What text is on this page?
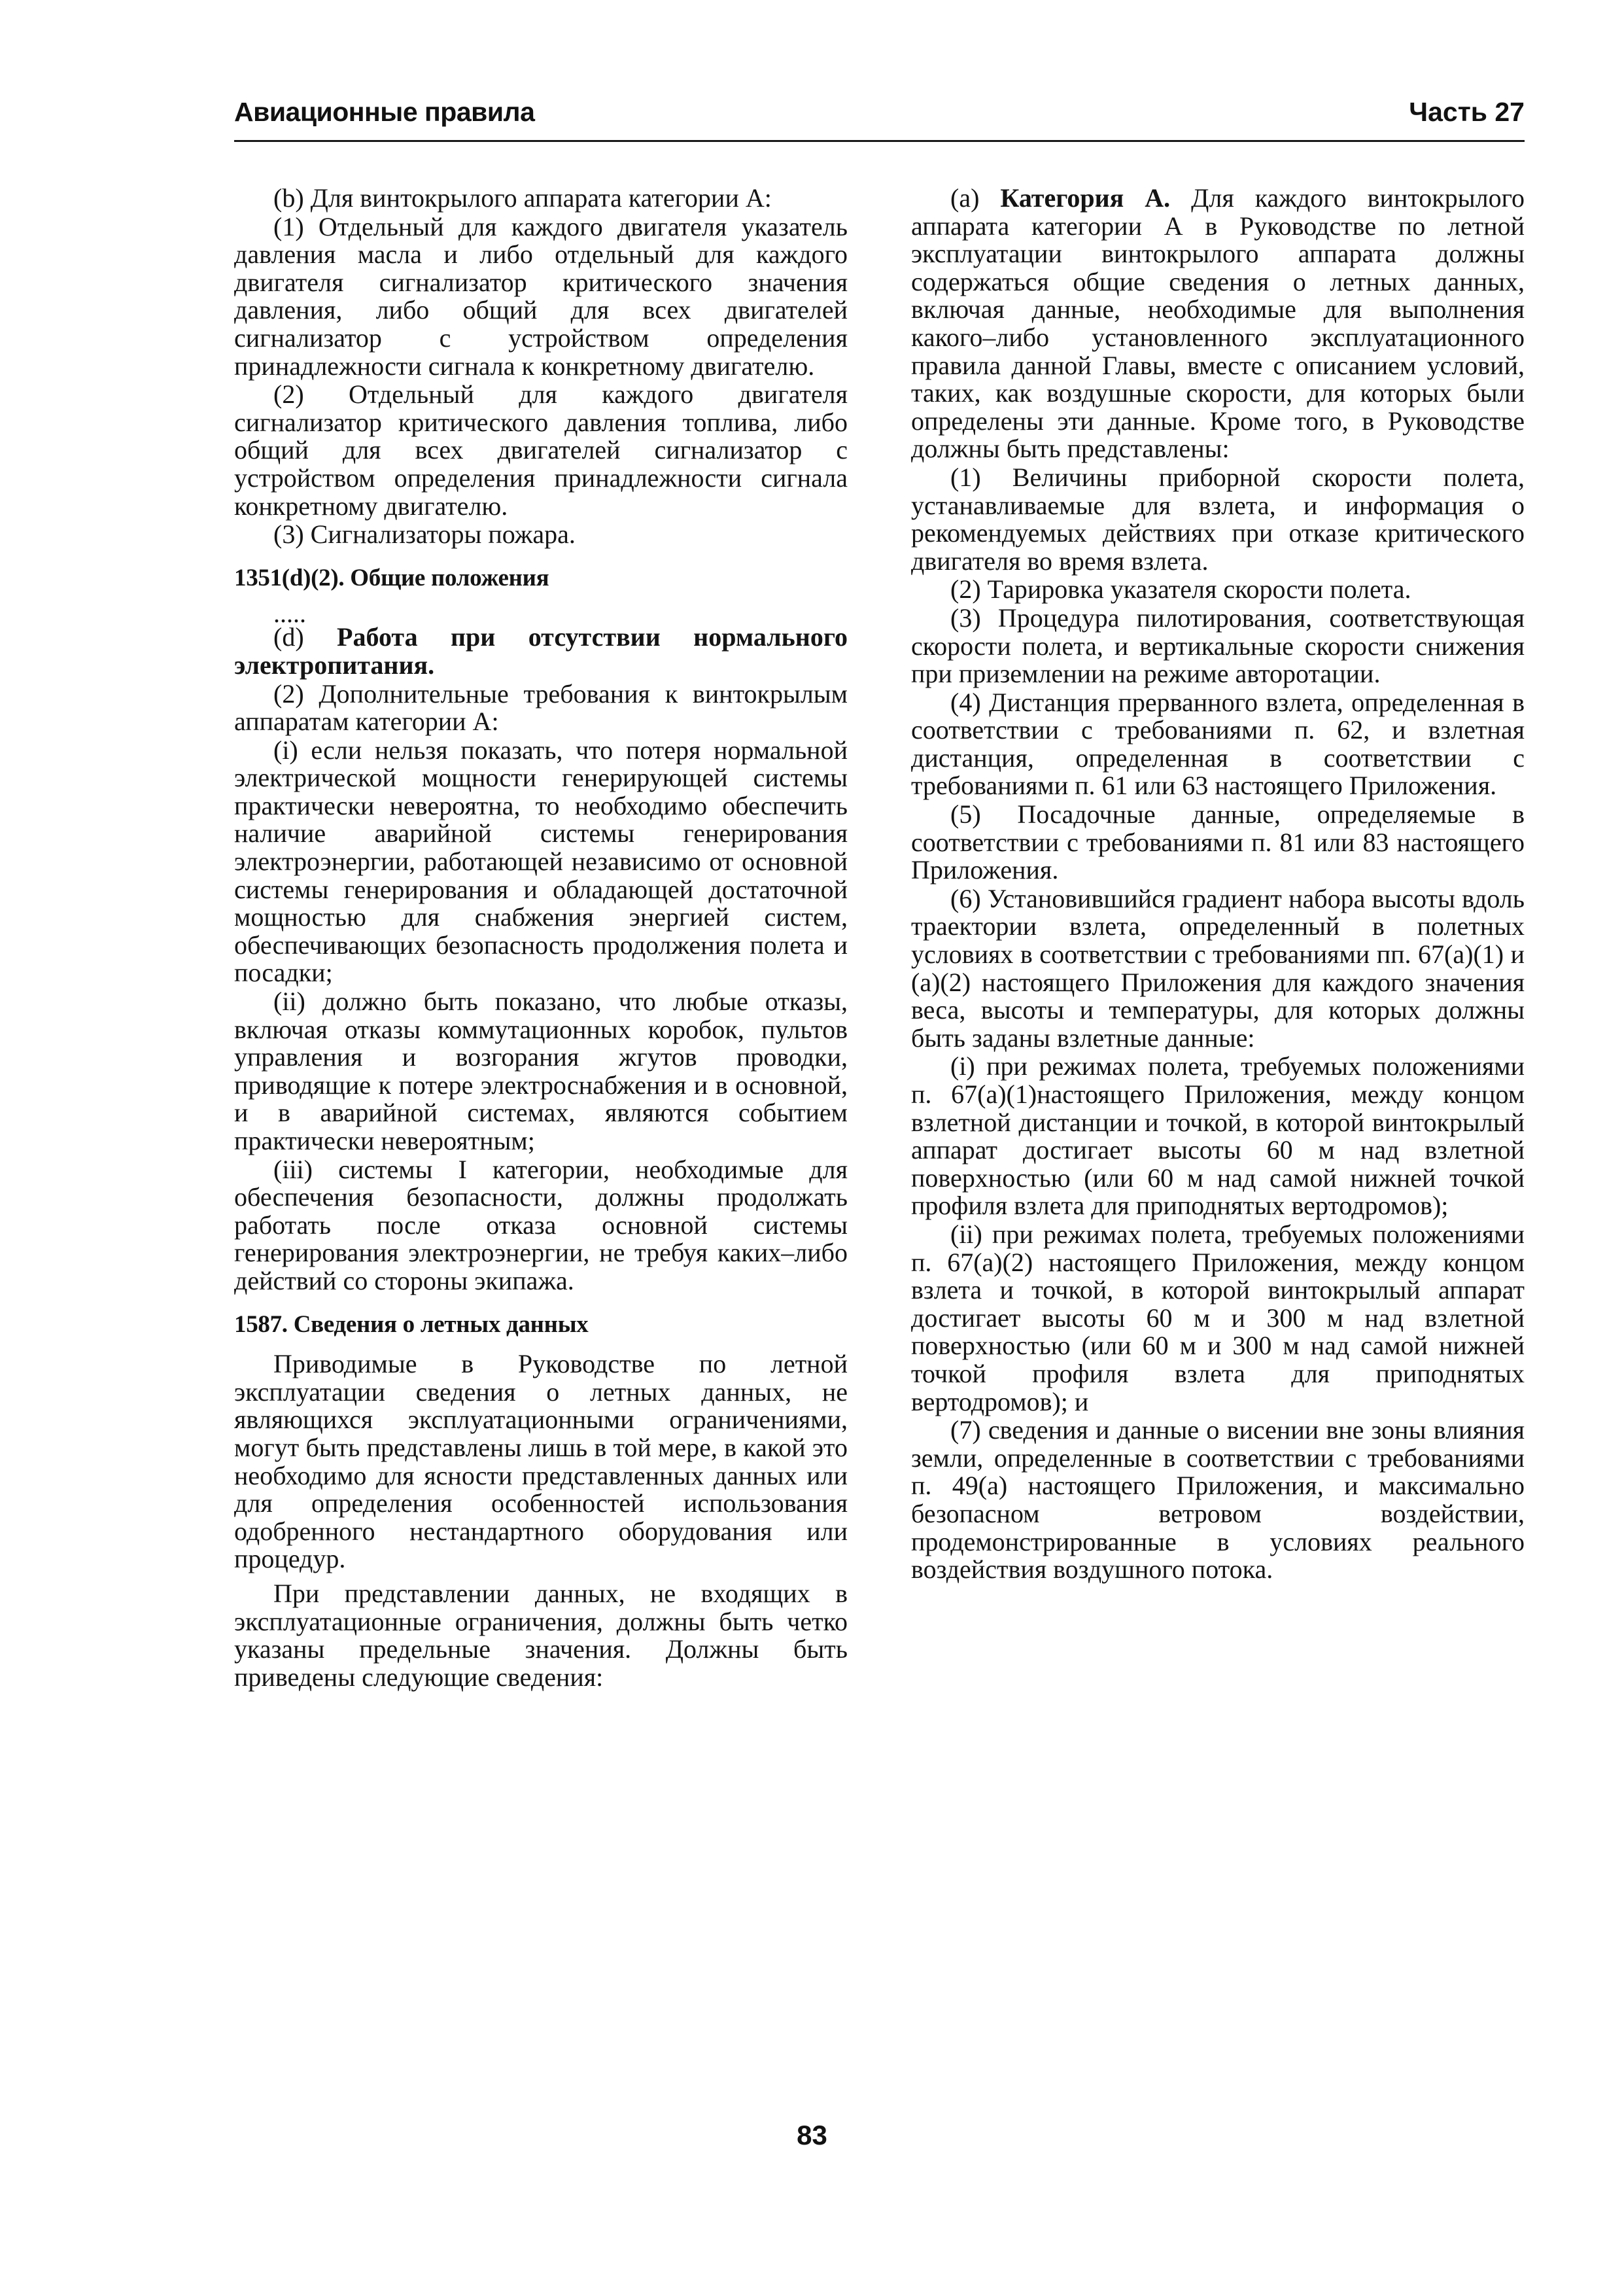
Авиационные правила	Часть 27

(b) Для винтокрылого аппарата категории А:

(1) Отдельный для каждого двигателя указатель давления масла и либо отдельный для каждого двигателя сигнализатор критического значения давления, либо общий для всех двигателей сигнализатор с устройством определения принадлежности сигнала к конкретному двигателю.

(2) Отдельный для каждого двигателя сигнализатор критического давления топлива, либо общий для всех двигателей сигнализатор с устройством определения принадлежности сигнала конкретному двигателю.

(3) Сигнализаторы пожара.

1351(d)(2). Общие положения

.....

(d) Работа при отсутствии нормального электропитания.

(2) Дополнительные требования к винтокрылым аппаратам категории А:

(i) если нельзя показать, что потеря нормальной электрической мощности генерирующей системы практически невероятна, то необходимо обеспечить наличие аварийной системы генерирования электроэнергии, работающей независимо от основной системы генерирования и обладающей достаточной мощностью для снабжения энергией систем, обеспечивающих безопасность продолжения полета и посадки;

(ii) должно быть показано, что любые отказы, включая отказы коммутационных коробок, пультов управления и возгорания жгутов проводки, приводящие к потере электроснабжения и в основной, и в аварийной системах, являются событием практически невероятным;

(iii) системы I категории, необходимые для обеспечения безопасности, должны продолжать работать после отказа основной системы генерирования электроэнергии, не требуя каких–либо действий со стороны экипажа.

1587. Сведения о летных данных

Приводимые в Руководстве по летной эксплуатации сведения о летных данных, не являющихся эксплуатационными ограничениями, могут быть представлены лишь в той мере, в какой это необходимо для ясности представленных данных или для определения особенностей использования одобренного нестандартного оборудования или процедур.

При представлении данных, не входящих в эксплуатационные ограничения, должны быть четко указаны предельные значения. Должны быть приведены следующие сведения:

(а) Категория А. Для каждого винтокрылого аппарата категории А в Руководстве по летной эксплуатации винтокрылого аппарата должны содержаться общие сведения о летных данных, включая данные, необходимые для выполнения какого–либо установленного эксплуатационного правила данной Главы, вместе с описанием условий, таких, как воздушные скорости, для которых были определены эти данные. Кроме того, в Руководстве должны быть представлены:

(1) Величины приборной скорости полета, устанавливаемые для взлета, и информация о рекомендуемых действиях при отказе критического двигателя во время взлета.

(2) Тарировка указателя скорости полета.

(3) Процедура пилотирования, соответствующая скорости полета, и вертикальные скорости снижения при приземлении на режиме авторотации.

(4) Дистанция прерванного взлета, определенная в соответствии с требованиями п. 62, и взлетная дистанция, определенная в соответствии с требованиями п. 61 или 63 настоящего Приложения.

(5) Посадочные данные, определяемые в соответствии с требованиями п. 81 или 83 настоящего Приложения.

(6) Установившийся градиент набора высоты вдоль траектории взлета, определенный в полетных условиях в соответствии с требованиями пп. 67(а)(1) и (а)(2) настоящего Приложения для каждого значения веса, высоты и температуры, для которых должны быть заданы взлетные данные:

(i) при режимах полета, требуемых положениями п. 67(а)(1)настоящего Приложения, между концом взлетной дистанции и точкой, в которой винтокрылый аппарат достигает высоты 60 м над взлетной поверхностью (или 60 м над самой нижней точкой профиля взлета для приподнятых вертодромов);

(ii) при режимах полета, требуемых положениями п. 67(а)(2) настоящего Приложения, между концом взлета и точкой, в которой винтокрылый аппарат достигает высоты 60 м и 300 м над взлетной поверхностью (или 60 м и 300 м над самой нижней точкой профиля взлета для приподнятых вертодромов); и

(7) сведения и данные о висении вне зоны влияния земли, определенные в соответствии с требованиями п. 49(а) настоящего Приложения, и максимально безопасном ветровом воздействии, продемонстрированные в условиях реального воздействия воздушного потока.

83
